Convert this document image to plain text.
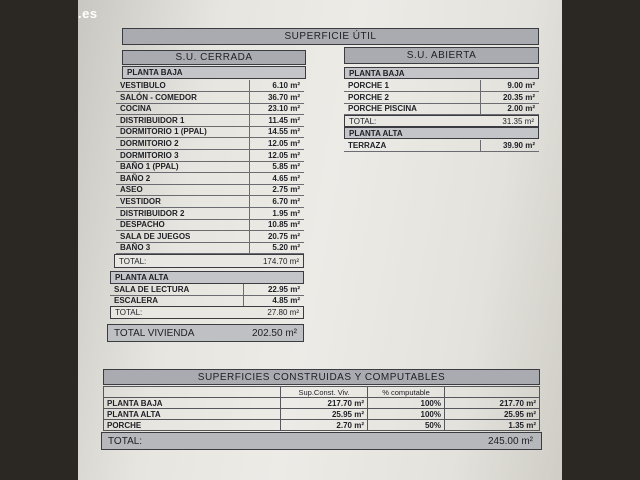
.es
SUPERFICIE ÚTIL
S.U. CERRADA
PLANTA BAJA
VESTIBULO	6.10 m²
SALÓN - COMEDOR	36.70 m²
COCINA	23.10 m²
DISTRIBUIDOR 1	11.45 m²
DORMITORIO 1 (PPAL)	14.55 m²
DORMITORIO 2	12.05 m²
DORMITORIO 3	12.05 m²
BAÑO 1 (PPAL)	5.85 m²
BAÑO 2	4.65 m²
ASEO	2.75 m²
VESTIDOR	6.70 m²
DISTRIBUIDOR 2	1.95 m²
DESPACHO	10.85 m²
SALA DE JUEGOS	20.75 m²
BAÑO 3	5.20 m²
TOTAL:	174.70 m²
PLANTA ALTA
SALA DE LECTURA	22.95 m²
ESCALERA	4.85 m²
TOTAL:	27.80 m²
TOTAL VIVIENDA	202.50 m²
S.U. ABIERTA
PLANTA BAJA
PORCHE 1	9.00 m²
PORCHE 2	20.35 m²
PORCHE PISCINA	2.00 m²
TOTAL:	31.35 m²
PLANTA ALTA
TERRAZA	39.90 m²
SUPERFICIES CONSTRUIDAS Y COMPUTABLES
	Sup.Const. Viv.	% computable	
PLANTA BAJA	217.70 m²	100%	217.70 m²
PLANTA ALTA	25.95 m²	100%	25.95 m²
PORCHE	2.70 m²	50%	1.35 m²
TOTAL:	245.00 m²
